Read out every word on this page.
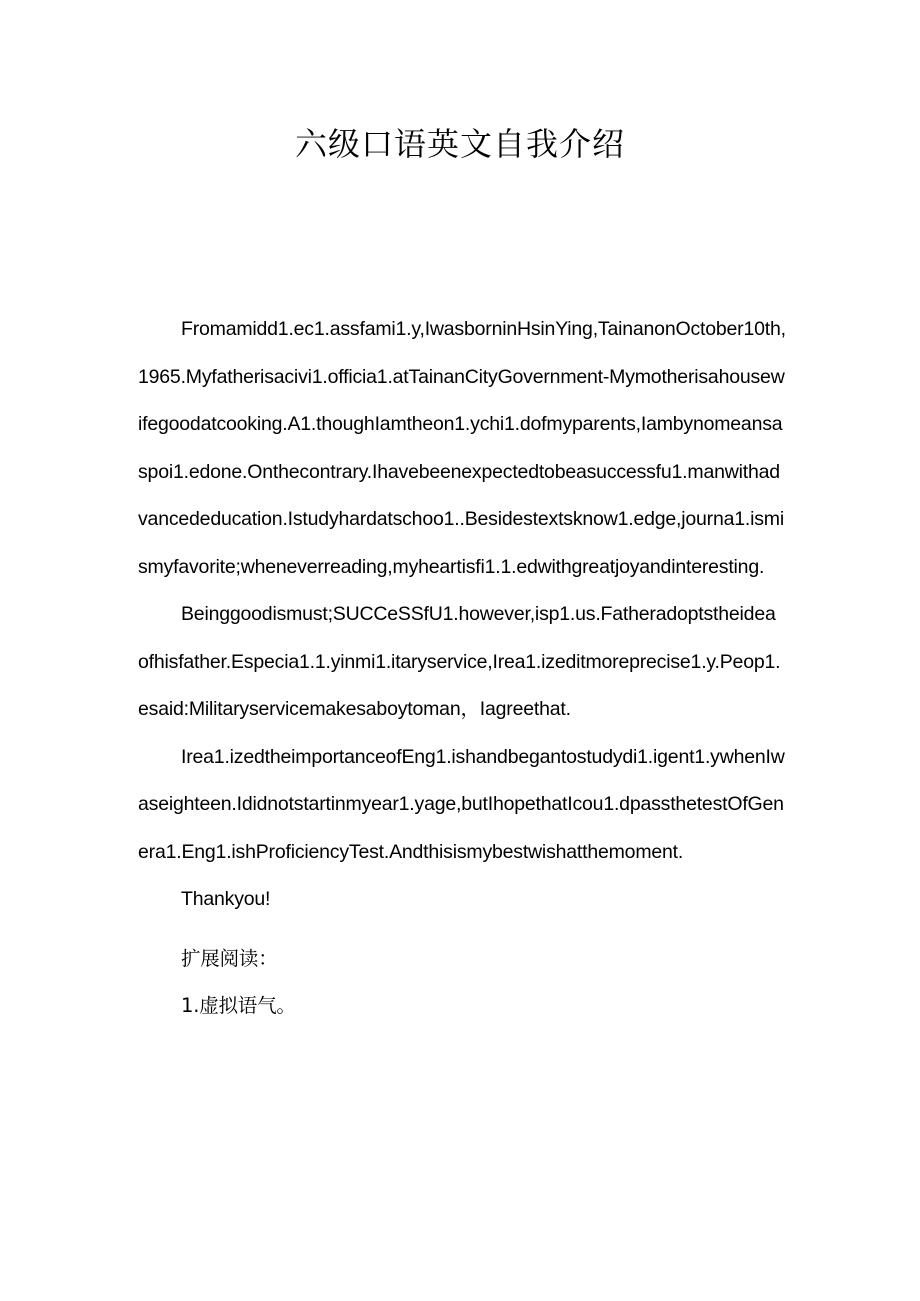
六级口语英文自我介绍

Fromamidd1.ec1.assfami1.y,IwasborninHsinYing,TainanonOctober10th,1965.Myfatherisacivi1.officia1.atTainanCityGovernment-Mymotherisahousewifegoodatcooking.A1.thoughIamtheon1.ychi1.dofmyparents,Iambynomeansaspoi1.edone.Onthecontrary.Ihavebeenexpectedtobeasuccessfu1.manwithadvancededucation.Istudyhardatschoo1..Besidestextsknow1.edge,journa1.ismismyfavorite;wheneverreading,myheartisfi1.1.edwithgreatjoyandinteresting.

Beinggoodismust;SUCCeSSfU1.however,isp1.us.Fatheradoptstheideaofhisfather.Especia1.1.yinmi1.itaryservice,Irea1.izeditmoreprecise1.y.Peop1.esaid:Militaryservicemakesaboytoman，Iagreethat.

Irea1.izedtheimportanceofEng1.ishandbegantostudydi1.igent1.ywhenIwaseighteen.Ididnotstartinmyear1.yage,butIhopethatIcou1.dpassthetestOfGenera1.Eng1.ishProficiencyTest.Andthisismybestwishatthemoment.

Thankyou!

扩展阅读：

1.虚拟语气。
